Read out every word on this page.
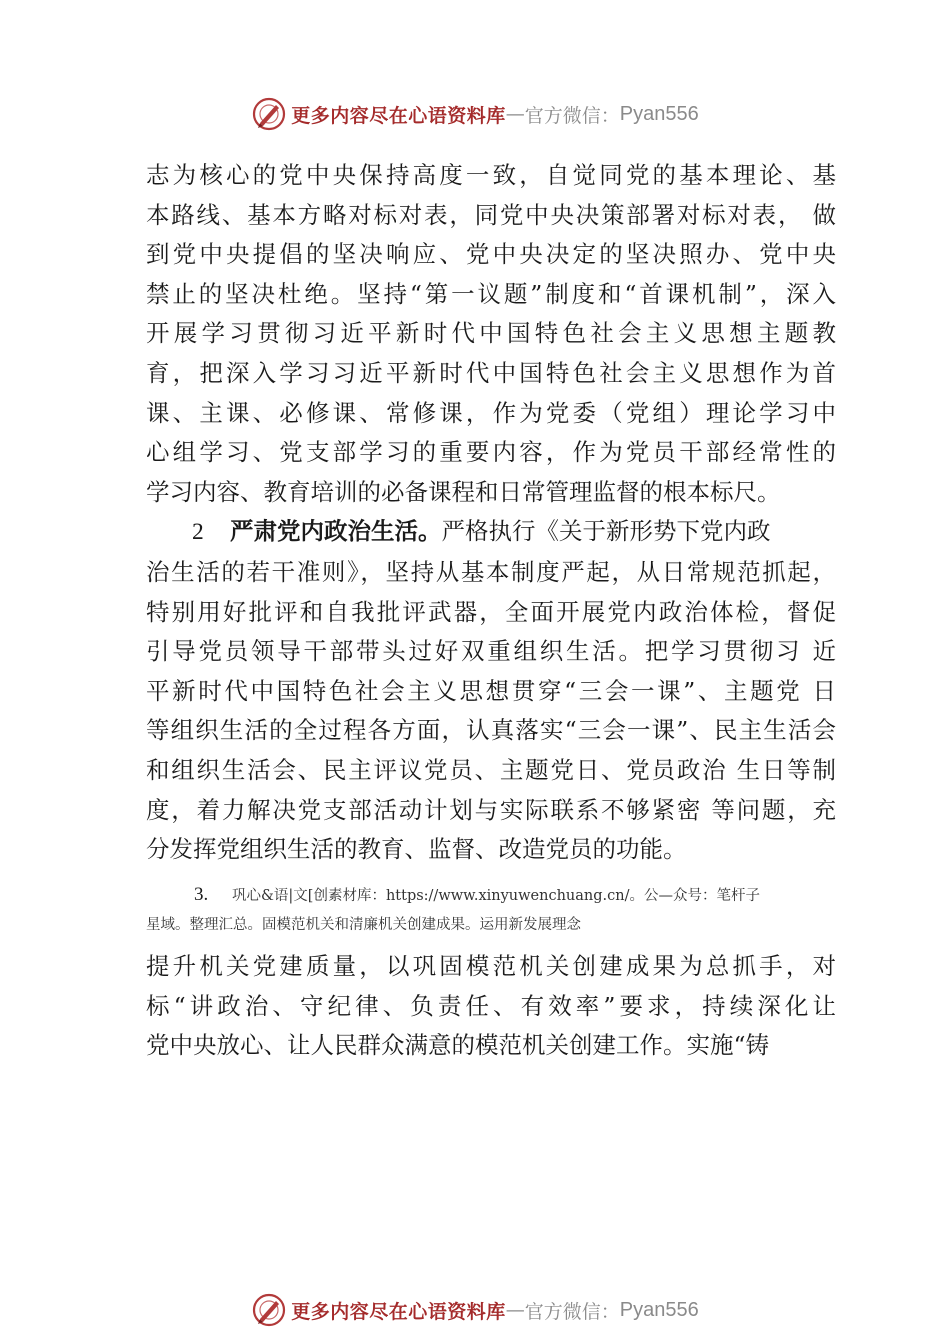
更多内容尽在心语资料库 — 官方微信： Pyan556
志为核心的党中央保持高度一致，自觉同党的基本理论、基
本路线、基本方略对标对表，同党中央决策部署对标对表， 做
到党中央提倡的坚决响应、党中央决定的坚决照办、党中央
禁止的坚决杜绝。坚持“第一议题”制度和“首课机制”，深入
开展学习贯彻习近平新时代中国特色社会主义思想主题教
育，把深入学习习近平新时代中国特色社会主义思想作为首
课、主课、必修课、常修课，作为党委（党组）理论学习中
心组学习、党支部学习的重要内容，作为党员干部经常性的
学习内容、教育培训的必备课程和日常管理监督的根本标尺。
2 严肃党内政治生活。严格执行《关于新形势下党内政
治生活的若干准则》，坚持从基本制度严起，从日常规范抓起，
特别用好批评和自我批评武器，全面开展党内政治体检，督促
引导党员领导干部带头过好双重组织生活。把学习贯彻习 近
平新时代中国特色社会主义思想贯穿“三会一课”、主题党 日
等组织生活的全过程各方面，认真落实“三会一课”、民主生活会
和组织生活会、民主评议党员、主题党日、党员政治 生日等制
度，着力解决党支部活动计划与实际联系不够紧密 等问题，充
分发挥党组织生活的教育、监督、改造党员的功能。
3. 巩心&语|文[创素材库：https://www.xinyuwenchuang.cn/。公—众号：笔杆子
星域。整理汇总。固模范机关和清廉机关创建成果。运用新发展理念
提升机关党建质量，以巩固模范机关创建成果为总抓手，对
标“讲政治、守纪律、负责任、有效率”要求，持续深化让
党中央放心、让人民群众满意的模范机关创建工作。实施“铸
更多内容尽在心语资料库 — 官方微信： Pyan556
